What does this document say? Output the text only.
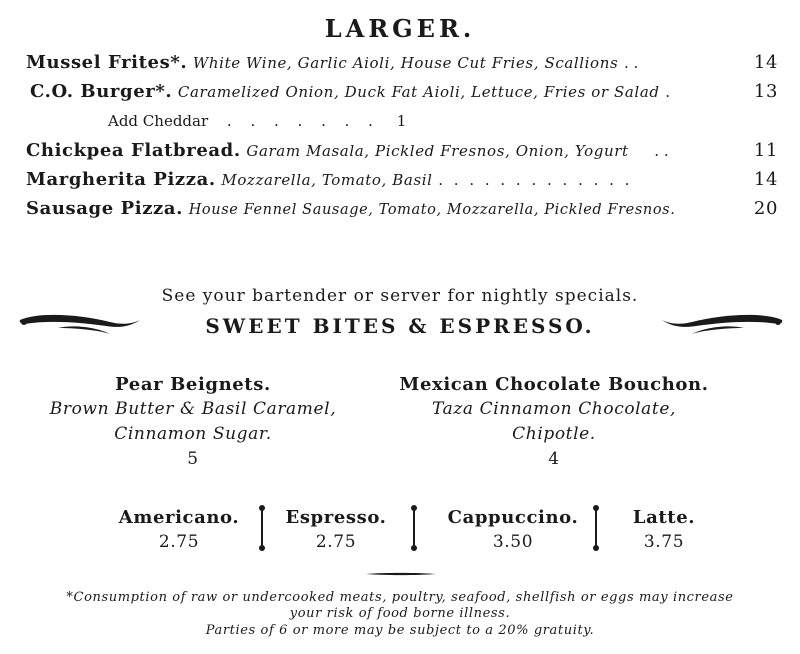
LARGER.
Mussel Frites*. White Wine, Garlic Aioli, House Cut Fries, Scallions . .	14
C.O. Burger*. Caramelized Onion, Duck Fat Aioli, Lettuce, Fries or Salad .	13
Add Cheddar . . . . . . . 1
Chickpea Flatbread. Garam Masala, Pickled Fresnos, Onion, Yogurt . .	11
Margherita Pizza. Mozzarella, Tomato, Basil . . . . . . . . . . . . .	14
Sausage Pizza. House Fennel Sausage, Tomato, Mozzarella, Pickled Fresnos.	20
See your bartender or server for nightly specials.
SWEET BITES & ESPRESSO.
Pear Beignets.
Brown Butter & Basil Caramel,
Cinnamon Sugar.
5
Mexican Chocolate Bouchon.
Taza Cinnamon Chocolate,
Chipotle.
4
Americano.
2.75
Espresso.
2.75
Cappuccino.
3.50
Latte.
3.75
*Consumption of raw or undercooked meats, poultry, seafood, shellfish or eggs may increase
your risk of food borne illness.
Parties of 6 or more may be subject to a 20% gratuity.
